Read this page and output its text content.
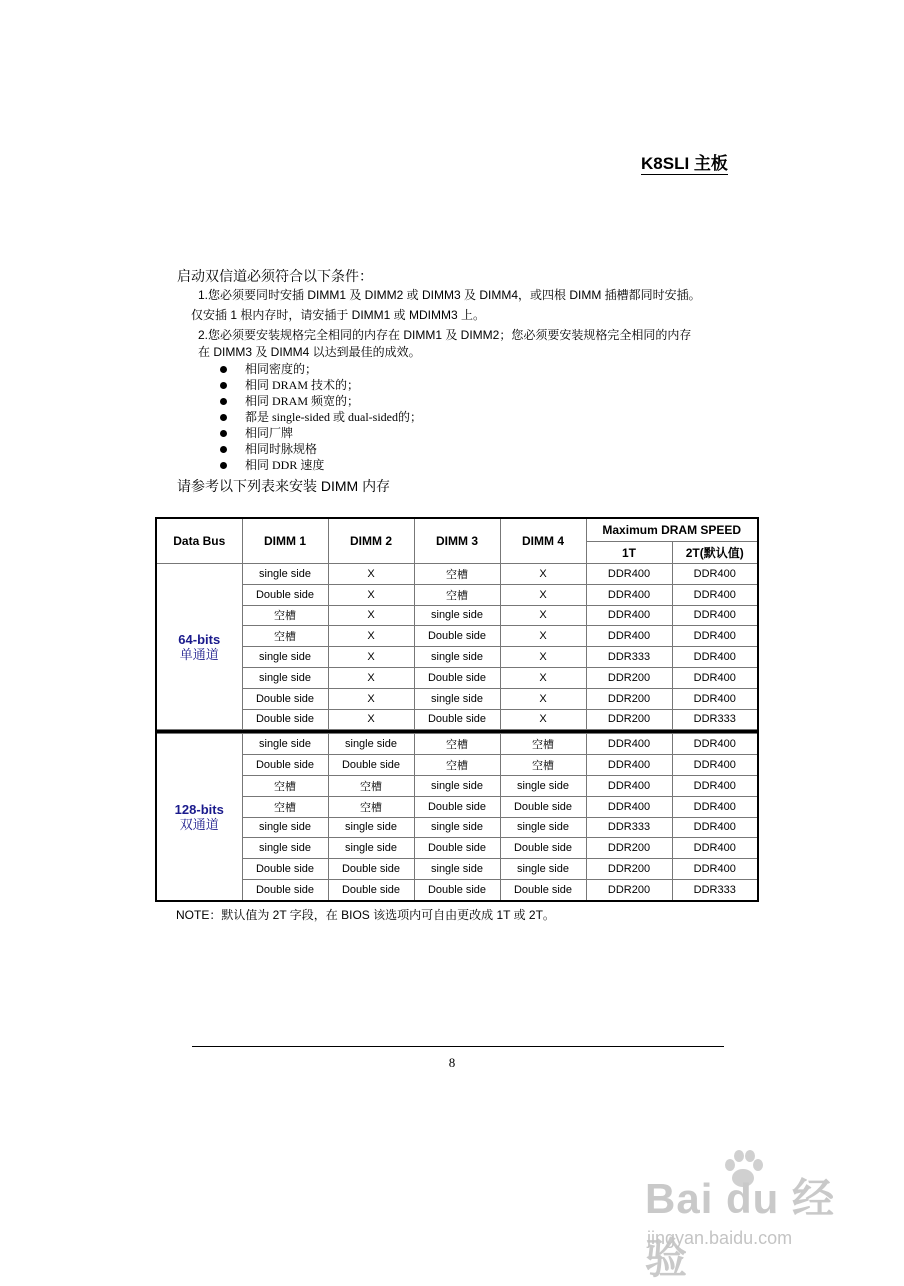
K8SLI 主板
启动双信道必须符合以下条件：
1.您必须要同时安插 DIMM1 及 DIMM2 或 DIMM3 及 DIMM4，或四根 DIMM 插槽都同时安插。
仅安插 1 根内存时，请安插于 DIMM1 或 MDIMM3 上。
2.您必须要安装规格完全相同的内存在 DIMM1 及 DIMM2；您必须要安装规格完全相同的内存
在 DIMM3 及 DIMM4 以达到最佳的成效。
相同密度的；
相同 DRAM 技术的；
相同 DRAM 频宽的；
都是 single-sided 或 dual-sided的；
相同厂牌
相同时脉规格
相同 DDR 速度
请参考以下列表来安装 DIMM 内存
Data Bus	DIMM 1	DIMM 2	DIMM 3	DIMM 4	Maximum DRAM SPEED	
					1T	2T(默认值)

64-bits
单通道	single side	X	空槽	X	DDR400	DDR400
	Double side	X	空槽	X	DDR400	DDR400
	空槽	X	single side	X	DDR400	DDR400
	空槽	X	Double side	X	DDR400	DDR400
	single side	X	single side	X	DDR333	DDR400
	single side	X	Double side	X	DDR200	DDR400
	Double side	X	single side	X	DDR200	DDR400
	Double side	X	Double side	X	DDR200	DDR333

128-bits
双通道	single side	single side	空槽	空槽	DDR400	DDR400
	Double side	Double side	空槽	空槽	DDR400	DDR400
	空槽	空槽	single side	single side	DDR400	DDR400
	空槽	空槽	Double side	Double side	DDR400	DDR400
	single side	single side	single side	single side	DDR333	DDR400
	single side	single side	Double side	Double side	DDR200	DDR400
	Double side	Double side	single side	single side	DDR200	DDR400
	Double side	Double side	Double side	Double side	DDR200	DDR333
NOTE：默认值为 2T 字段，在 BIOS 该选项内可自由更改成 1T 或 2T。
8
Bai du 经验
jingyan.baidu.com
